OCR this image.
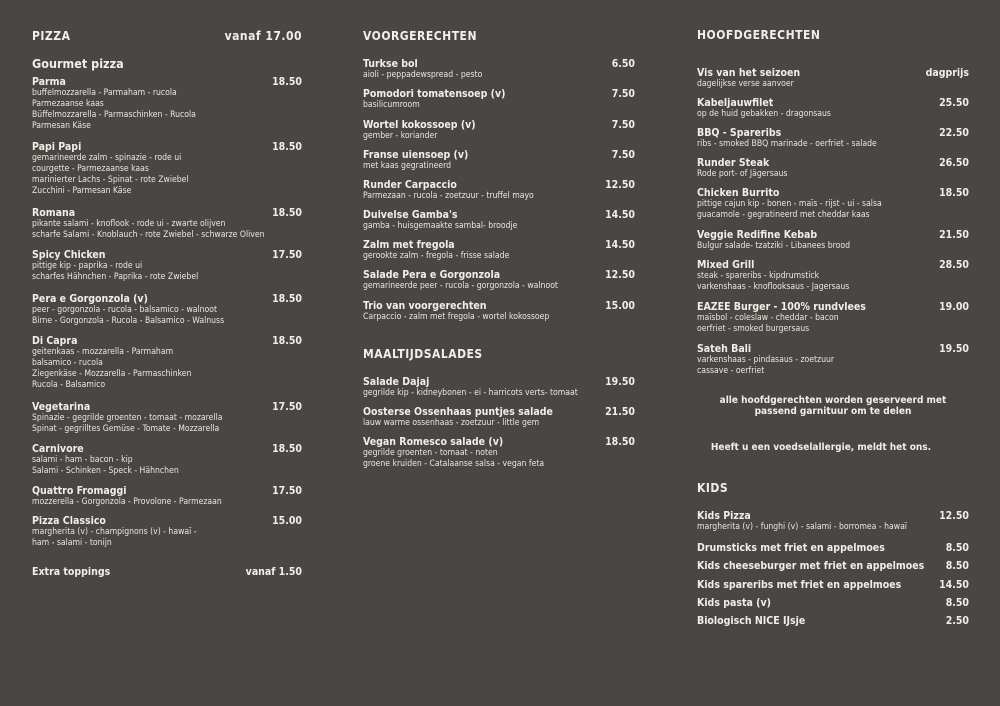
PIZZA	vanaf 17.00
Gourmet pizza
Parma	18.50
buffelmozzarella - Parmaham - rucola
Parmezaanse kaas
Büffelmozzarella - Parmaschinken - Rucola
Parmesan Käse
Papi Papi	18.50
gemarineerde zalm - spinazie - rode ui
courgette - Parmezaanse kaas
marinierter Lachs - Spinat - rote Zwiebel
Zucchini - Parmesan Käse
Romana	18.50
pikante salami - knoflook - rode ui - zwarte olijven
scharfe Salami - Knoblauch - rote Zwiebel - schwarze Oliven
Spicy Chicken	17.50
pittige kip - paprika - rode ui
scharfes Hähnchen - Paprika - rote Zwiebel
Pera e Gorgonzola (v)	18.50
peer - gorgonzola - rucola - balsamico - walnoot
Birne - Gorgonzola - Rucola - Balsamico - Walnuss
Di Capra	18.50
geitenkaas - mozzarella - Parmaham
balsamico - rucola
Ziegenkäse - Mozzarella - Parmaschinken
Rucola - Balsamico
Vegetarina	17.50
Spinazie - gegrilde groenten - tomaat - mozarella
Spinat - gegrilltes Gemüse - Tomate - Mozzarella
Carnivore	18.50
salami - ham - bacon - kip
Salami - Schinken - Speck - Hähnchen
Quattro Fromaggi	17.50
mozzerella - Gorgonzola - Provolone - Parmezaan
Pizza Classico	15.00
margherita (v) - champignons (v) - hawaï -
ham - salami - tonijn
Extra toppings	vanaf 1.50
VOORGERECHTEN
Turkse bol	6.50
aioli - peppadewspread - pesto
Pomodori tomatensoep (v)	7.50
basilicumroom
Wortel kokossoep (v)	7.50
gember - koriander
Franse uiensoep (v)	7.50
met kaas gegratineerd
Runder Carpaccio	12.50
Parmezaan - rucola - zoetzuur - truffel mayo
Duivelse Gamba's	14.50
gamba - huisgemaakte sambal- broodje
Zalm met fregola	14.50
gerookte zalm - fregola - frisse salade
Salade Pera e Gorgonzola	12.50
gemarineerde peer - rucola - gorgonzola - walnoot
Trio van voorgerechten	15.00
Carpaccio - zalm met fregola - wortel kokossoep
MAALTIJDSALADES
Salade Dajaj	19.50
gegrilde kip - kidneybonen - ei - harricots verts- tomaat
Oosterse Ossenhaas puntjes salade	21.50
lauw warme ossenhaas - zoetzuur - little gem
Vegan Romesco salade (v)	18.50
gegrilde groenten - tomaat - noten
groene kruiden - Catalaanse salsa - vegan feta
HOOFDGERECHTEN
Vis van het seizoen	dagprijs
dagelijkse verse aanvoer
Kabeljauwfilet	25.50
op de huid gebakken - dragonsaus
BBQ - Spareribs	22.50
ribs - smoked BBQ marinade - oerfriet - salade
Runder Steak	26.50
Rode port- of Jägersaus
Chicken Burrito	18.50
pittige cajun kip - bonen - maïs - rijst - ui - salsa
guacamole - gegratineerd met cheddar kaas
Veggie Redifine Kebab	21.50
Bulgur salade- tzatziki - Libanees brood
Mixed Grill	28.50
steak - spareribs - kipdrumstick
varkenshaas - knoflooksaus - Jagersaus
EAZEE Burger - 100% rundvlees	19.00
maïsbol - coleslaw - cheddar - bacon
oerfriet - smoked burgersaus
Sateh Bali	19.50
varkenshaas - pindasaus - zoetzuur
cassave - oerfriet
alle hoofdgerechten worden geserveerd met
passend garnituur om te delen
Heeft u een voedselallergie, meldt het ons.
KIDS
Kids Pizza	12.50
margherita (v) - funghi (v) - salami - borromea - hawaï
Drumsticks met friet en appelmoes	8.50
Kids cheeseburger met friet en appelmoes 8.50
Kids spareribs met friet en appelmoes	14.50
Kids pasta (v)	8.50
Biologisch NICE IJsje	2.50
